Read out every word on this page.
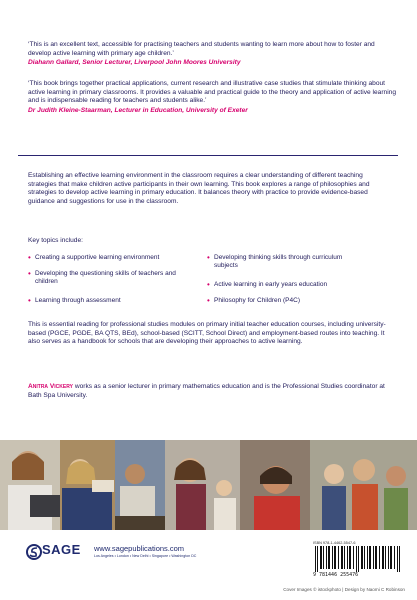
‘This is an excellent text, accessible for practising teachers and students wanting to learn more about how to foster and develop active learning with primary age children.’
Diahann Gallard, Senior Lecturer, Liverpool John Moores University
‘This book brings together practical applications, current research and illustrative case studies that stimulate thinking about active learning in primary classrooms. It provides a valuable and practical guide to the theory and application of active learning and is indispensable reading for teachers and students alike.’
Dr Judith Kleine-Staarman, Lecturer in Education, University of Exeter
Establishing an effective learning environment in the classroom requires a clear understanding of different teaching strategies that make children active participants in their own learning. This book explores a range of philosophies and strategies to develop active learning in primary education. It balances theory with practice to provide evidence-based guidance and suggestions for use in the classroom.
Key topics include:
• Creating a supportive learning environment
• Developing the questioning skills of teachers and children
• Learning through assessment
• Developing thinking skills through curriculum subjects
• Active learning in early years education
• Philosophy for Children (P4C)
This is essential reading for professional studies modules on primary initial teacher education courses, including university-based (PGCE, PGDE, BA QTS, BEd), school-based (SCITT, School Direct) and employment-based routes into teaching. It also serves as a handbook for schools that are developing their approaches to active learning.
Anitra Vickery works as a senior lecturer in primary mathematics education and is the Professional Studies coordinator at Bath Spa University.
SAGE www.sagepublications.com
Los Angeles • London • New Delhi • Singapore • Washington DC
ISBN 978-1-4462-5547-6
9 781446 255476
Cover Images © istockphoto | Design by Naomi C Robinson
